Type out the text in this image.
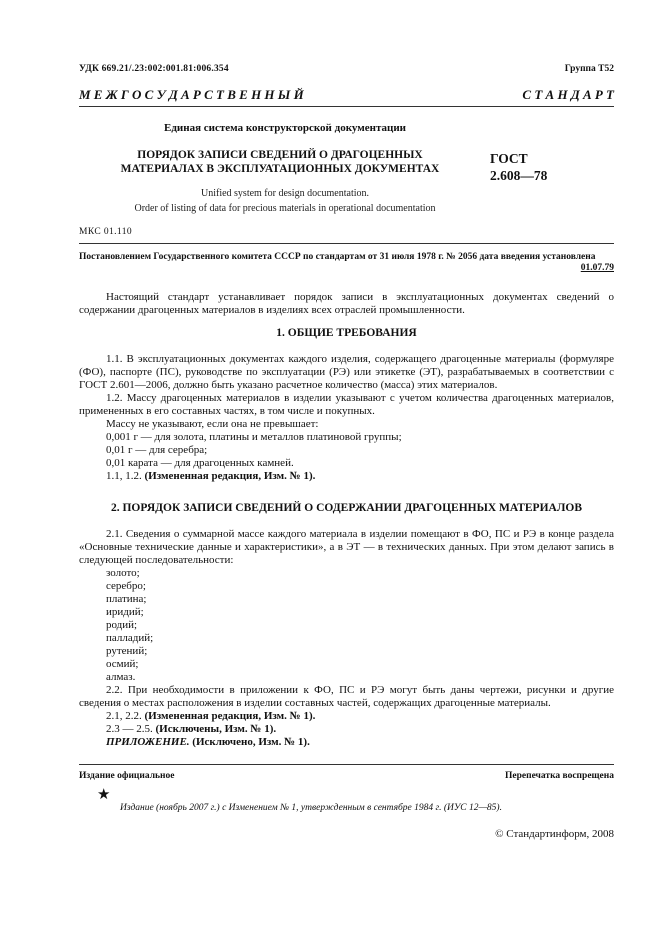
УДК 669.21/.23:002:001.81:006.354	Группа Т52
М Е Ж Г О С У Д А Р С Т В Е Н Н Ы Й	С Т А Н Д А Р Т
Единая система конструкторской документации
ПОРЯДОК ЗАПИСИ СВЕДЕНИЙ О ДРАГОЦЕННЫХ
МАТЕРИАЛАХ В ЭКСПЛУАТАЦИОННЫХ ДОКУМЕНТАХ
ГОСТ
2.608—78
Unified system for design documentation.
Order of listing of data for precious materials in operational documentation
МКС 01.110
Постановлением Государственного комитета СССР по стандартам от 31 июля 1978 г. № 2056 дата введения установлена
01.07.79

Настоящий стандарт устанавливает порядок записи в эксплуатационных документах сведений о содержании драгоценных материалов в изделиях всех отраслей промышленности.

1. ОБЩИЕ ТРЕБОВАНИЯ

1.1. В эксплуатационных документах каждого изделия, содержащего драгоценные материалы (формуляре (ФО), паспорте (ПС), руководстве по эксплуатации (РЭ) или этикетке (ЭТ), разрабатываемых в соответствии с ГОСТ 2.601—2006, должно быть указано расчетное количество (масса) этих материалов.

1.2. Массу драгоценных материалов в изделии указывают с учетом количества драгоценных материалов, примененных в его составных частях, в том числе и покупных.

Массу не указывают, если она не превышает:

0,001 г — для золота, платины и металлов платиновой группы;

0,01 г — для серебра;

0,01 карата — для драгоценных камней.

1.1, 1.2. (Измененная редакция, Изм. № 1).

2. ПОРЯДОК ЗАПИСИ СВЕДЕНИЙ О СОДЕРЖАНИИ ДРАГОЦЕННЫХ МАТЕРИАЛОВ

2.1. Сведения о суммарной массе каждого материала в изделии помещают в ФО, ПС и РЭ в конце раздела «Основные технические данные и характеристики», а в ЭТ — в технических данных. При этом делают запись в следующей последовательности:

золото;

серебро;

платина;

иридий;

родий;

палладий;

рутений;

осмий;

алмаз.

2.2. При необходимости в приложении к ФО, ПС и РЭ могут быть даны чертежи, рисунки и другие сведения о местах расположения в изделии составных частей, содержащих драгоценные материалы.

2.1, 2.2. (Измененная редакция, Изм. № 1).

2.3 — 2.5. (Исключены, Изм. № 1).

ПРИЛОЖЕНИЕ. (Исключено, Изм. № 1).

Издание официальное	Перепечатка воспрещена
★
Издание (ноябрь 2007 г.) с Изменением № 1, утвержденным в сентябре 1984 г. (ИУС 12—85).
© Стандартинформ, 2008
